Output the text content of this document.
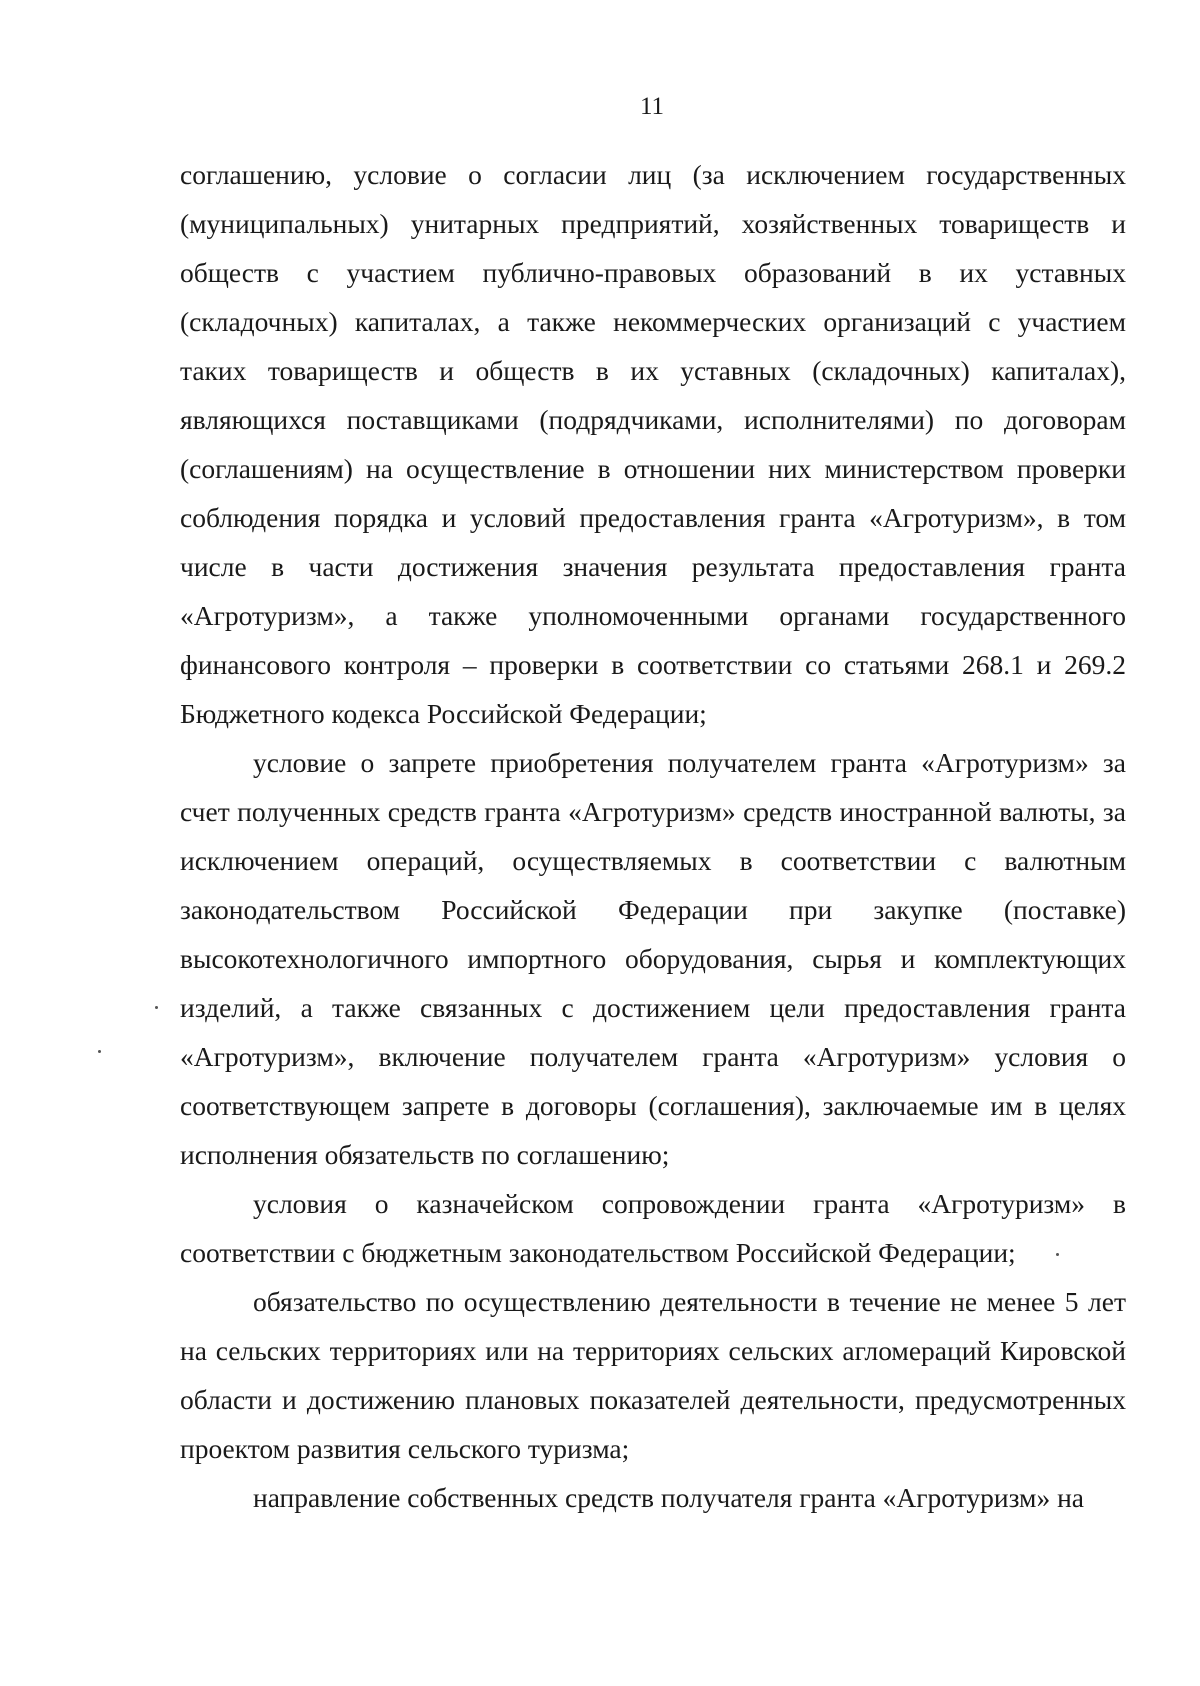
11

соглашению, условие о согласии лиц (за исключением государственных (муниципальных) унитарных предприятий, хозяйственных товариществ и обществ с участием публично-правовых образований в их уставных (складочных) капиталах, а также некоммерческих организаций с участием таких товариществ и обществ в их уставных (складочных) капиталах), являющихся поставщиками (подрядчиками, исполнителями) по договорам (соглашениям) на осуществление в отношении них министерством проверки соблюдения порядка и условий предоставления гранта «Агротуризм», в том числе в части достижения значения результата предоставления гранта «Агротуризм», а также уполномоченными органами государственного финансового контроля – проверки в соответствии со статьями 268.1 и 269.2 Бюджетного кодекса Российской Федерации;

условие о запрете приобретения получателем гранта «Агротуризм» за счет полученных средств гранта «Агротуризм» средств иностранной валюты, за исключением операций, осуществляемых в соответствии с валютным законодательством Российской Федерации при закупке (поставке) высокотехнологичного импортного оборудования, сырья и комплектующих изделий, а также связанных с достижением цели предоставления гранта «Агротуризм», включение получателем гранта «Агротуризм» условия о соответствующем запрете в договоры (соглашения), заключаемые им в целях исполнения обязательств по соглашению;

условия о казначейском сопровождении гранта «Агротуризм» в соответствии с бюджетным законодательством Российской Федерации;

обязательство по осуществлению деятельности в течение не менее 5 лет на сельских территориях или на территориях сельских агломераций Кировской области и достижению плановых показателей деятельности, предусмотренных проектом развития сельского туризма;

направление собственных средств получателя гранта «Агротуризм» на
